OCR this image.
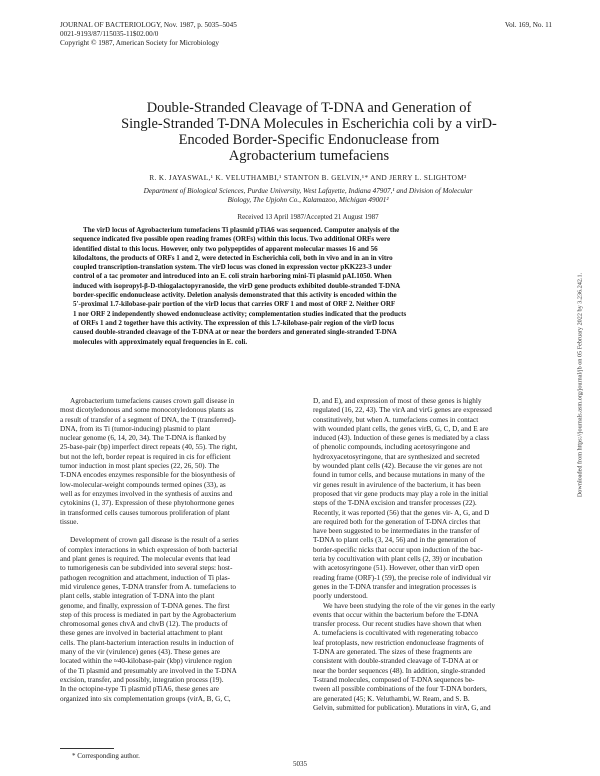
JOURNAL OF BACTERIOLOGY, Nov. 1987, p. 5035–5045
0021-9193/87/115035-11$02.00/0
Copyright © 1987, American Society for Microbiology
Vol. 169, No. 11
Double-Stranded Cleavage of T-DNA and Generation of
Single-Stranded T-DNA Molecules in Escherichia coli by a virD-
Encoded Border-Specific Endonuclease from
Agrobacterium tumefaciens
R. K. JAYASWAL,¹ K. VELUTHAMBI,¹ STANTON B. GELVIN,¹* AND JERRY L. SLIGHTOM²
Department of Biological Sciences, Purdue University, West Lafayette, Indiana 47907,¹ and Division of Molecular
Biology, The Upjohn Co., Kalamazoo, Michigan 49001²
Received 13 April 1987/Accepted 21 August 1987
The virD locus of Agrobacterium tumefaciens Ti plasmid pTiA6 was sequenced. Computer analysis of the
sequence indicated five possible open reading frames (ORFs) within this locus. Two additional ORFs were
identified distal to this locus. However, only two polypeptides of apparent molecular masses 16 and 56
kilodaltons, the products of ORFs 1 and 2, were detected in Escherichia coli, both in vivo and in an in vitro
coupled transcription-translation system. The virD locus was cloned in expression vector pKK223-3 under
control of a tac promoter and introduced into an E. coli strain harboring mini-Ti plasmid pAL1050. When
induced with isopropyl-β-D-thiogalactopyranoside, the virD gene products exhibited double-stranded T-DNA
border-specific endonuclease activity. Deletion analysis demonstrated that this activity is encoded within the
5'-proximal 1.7-kilobase-pair portion of the virD locus that carries ORF 1 and most of ORF 2. Neither ORF
1 nor ORF 2 independently showed endonuclease activity; complementation studies indicated that the products
of ORFs 1 and 2 together have this activity. The expression of this 1.7-kilobase-pair region of the virD locus
caused double-stranded cleavage of the T-DNA at or near the borders and generated single-stranded T-DNA
molecules with approximately equal frequencies in E. coli.
Agrobacterium tumefaciens causes crown gall disease in
most dicotyledonous and some monocotyledonous plants as
a result of transfer of a segment of DNA, the T (transferred)-
DNA, from its Ti (tumor-inducing) plasmid to plant
nuclear genome (6, 14, 20, 34). The T-DNA is flanked by
25-base-pair (bp) imperfect direct repeats (40, 55). The right,
but not the left, border repeat is required in cis for efficient
tumor induction in most plant species (22, 26, 50). The
T-DNA encodes enzymes responsible for the biosynthesis of
low-molecular-weight compounds termed opines (33), as
well as for enzymes involved in the synthesis of auxins and
cytokinins (1, 37). Expression of these phytohormone genes
in transformed cells causes tumorous proliferation of plant
tissue.
Development of crown gall disease is the result of a series
of complex interactions in which expression of both bacterial
and plant genes is required. The molecular events that lead
to tumorigenesis can be subdivided into several steps: host-
pathogen recognition and attachment, induction of Ti plas-
mid virulence genes, T-DNA transfer from A. tumefaciens to
plant cells, stable integration of T-DNA into the plant
genome, and finally, expression of T-DNA genes. The first
step of this process is mediated in part by the Agrobacterium
chromosomal genes chvA and chvB (12). The products of
these genes are involved in bacterial attachment to plant
cells. The plant-bacterium interaction results in induction of
many of the vir (virulence) genes (43). These genes are
located within the ≈40-kilobase-pair (kbp) virulence region
of the Ti plasmid and presumably are involved in the T-DNA
excision, transfer, and possibly, integration process (19).
In the octopine-type Ti plasmid pTiA6, these genes are
organized into six complementation groups (virA, B, G, C,
D, and E), and expression of most of these genes is highly
regulated (16, 22, 43). The virA and virG genes are expressed
constitutively, but when A. tumefaciens comes in contact
with wounded plant cells, the genes virB, G, C, D, and E are
induced (43). Induction of these genes is mediated by a class
of phenolic compounds, including acetosyringone and
hydroxyacetosyringone, that are synthesized and secreted
by wounded plant cells (42). Because the vir genes are not
found in tumor cells, and because mutations in many of the
vir genes result in avirulence of the bacterium, it has been
proposed that vir gene products may play a role in the initial
steps of the T-DNA excision and transfer processes (22).
Recently, it was reported (56) that the genes vir- A, G, and D
are required both for the generation of T-DNA circles that
have been suggested to be intermediates in the transfer of
T-DNA to plant cells (3, 24, 56) and in the generation of
border-specific nicks that occur upon induction of the bac-
teria by cocultivation with plant cells (2, 39) or incubation
with acetosyringone (51). However, other than virD open
reading frame (ORF)-1 (59), the precise role of individual vir
genes in the T-DNA transfer and integration processes is
poorly understood.
We have been studying the role of the vir genes in the early
events that occur within the bacterium before the T-DNA
transfer process. Our recent studies have shown that when
A. tumefaciens is cocultivated with regenerating tobacco
leaf protoplasts, new restriction endonuclease fragments of
T-DNA are generated. The sizes of these fragments are
consistent with double-stranded cleavage of T-DNA at or
near the border sequences (48). In addition, single-stranded
T-strand molecules, composed of T-DNA sequences be-
tween all possible combinations of the four T-DNA borders,
are generated (45; K. Veluthambi, W. Ream, and S. B.
Gelvin, submitted for publication). Mutations in virA, G, and
* Corresponding author.
5035
Downloaded from https://journals.asm.org/journal/jb on 05 February 2022 by 3.236.242.1.
